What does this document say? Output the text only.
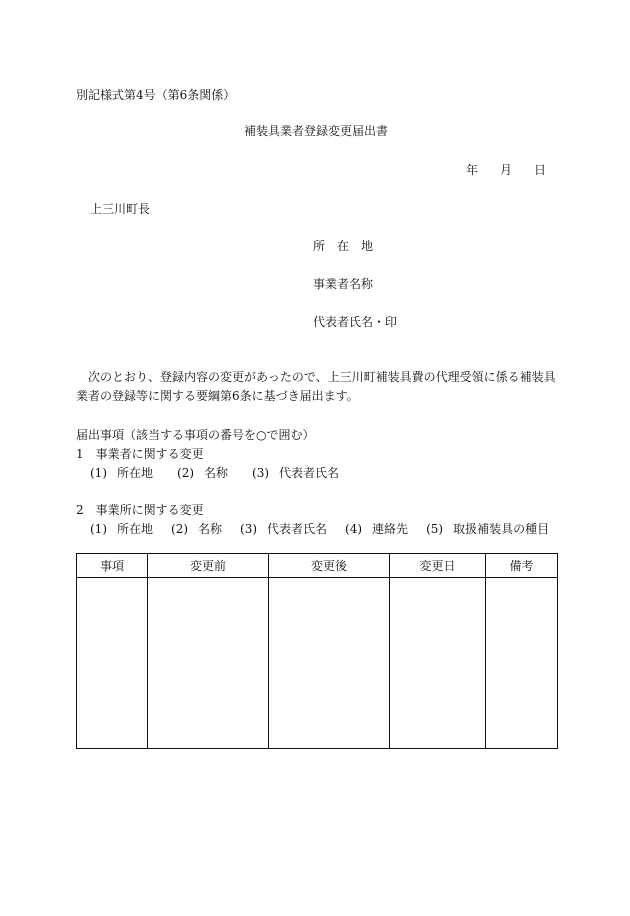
別記様式第4号（第6条関係）
補装具業者登録変更届出書
年 月 日
上三川町長
所　在　地
事業者名称
代表者氏名・印
次のとおり、登録内容の変更があったので、上三川町補装具費の代理受領に係る補装具業者の登録等に関する要綱第6条に基づき届出ます。
届出事項（該当する事項の番号を○で囲む）
1　事業者に関する変更
(1) 所在地 (2) 名称 (3) 代表者氏名
2　事業所に関する変更
(1) 所在地 (2) 名称 (3) 代表者氏名 (4) 連絡先 (5) 取扱補装具の種目
事項	変更前	変更後	変更日	備考
